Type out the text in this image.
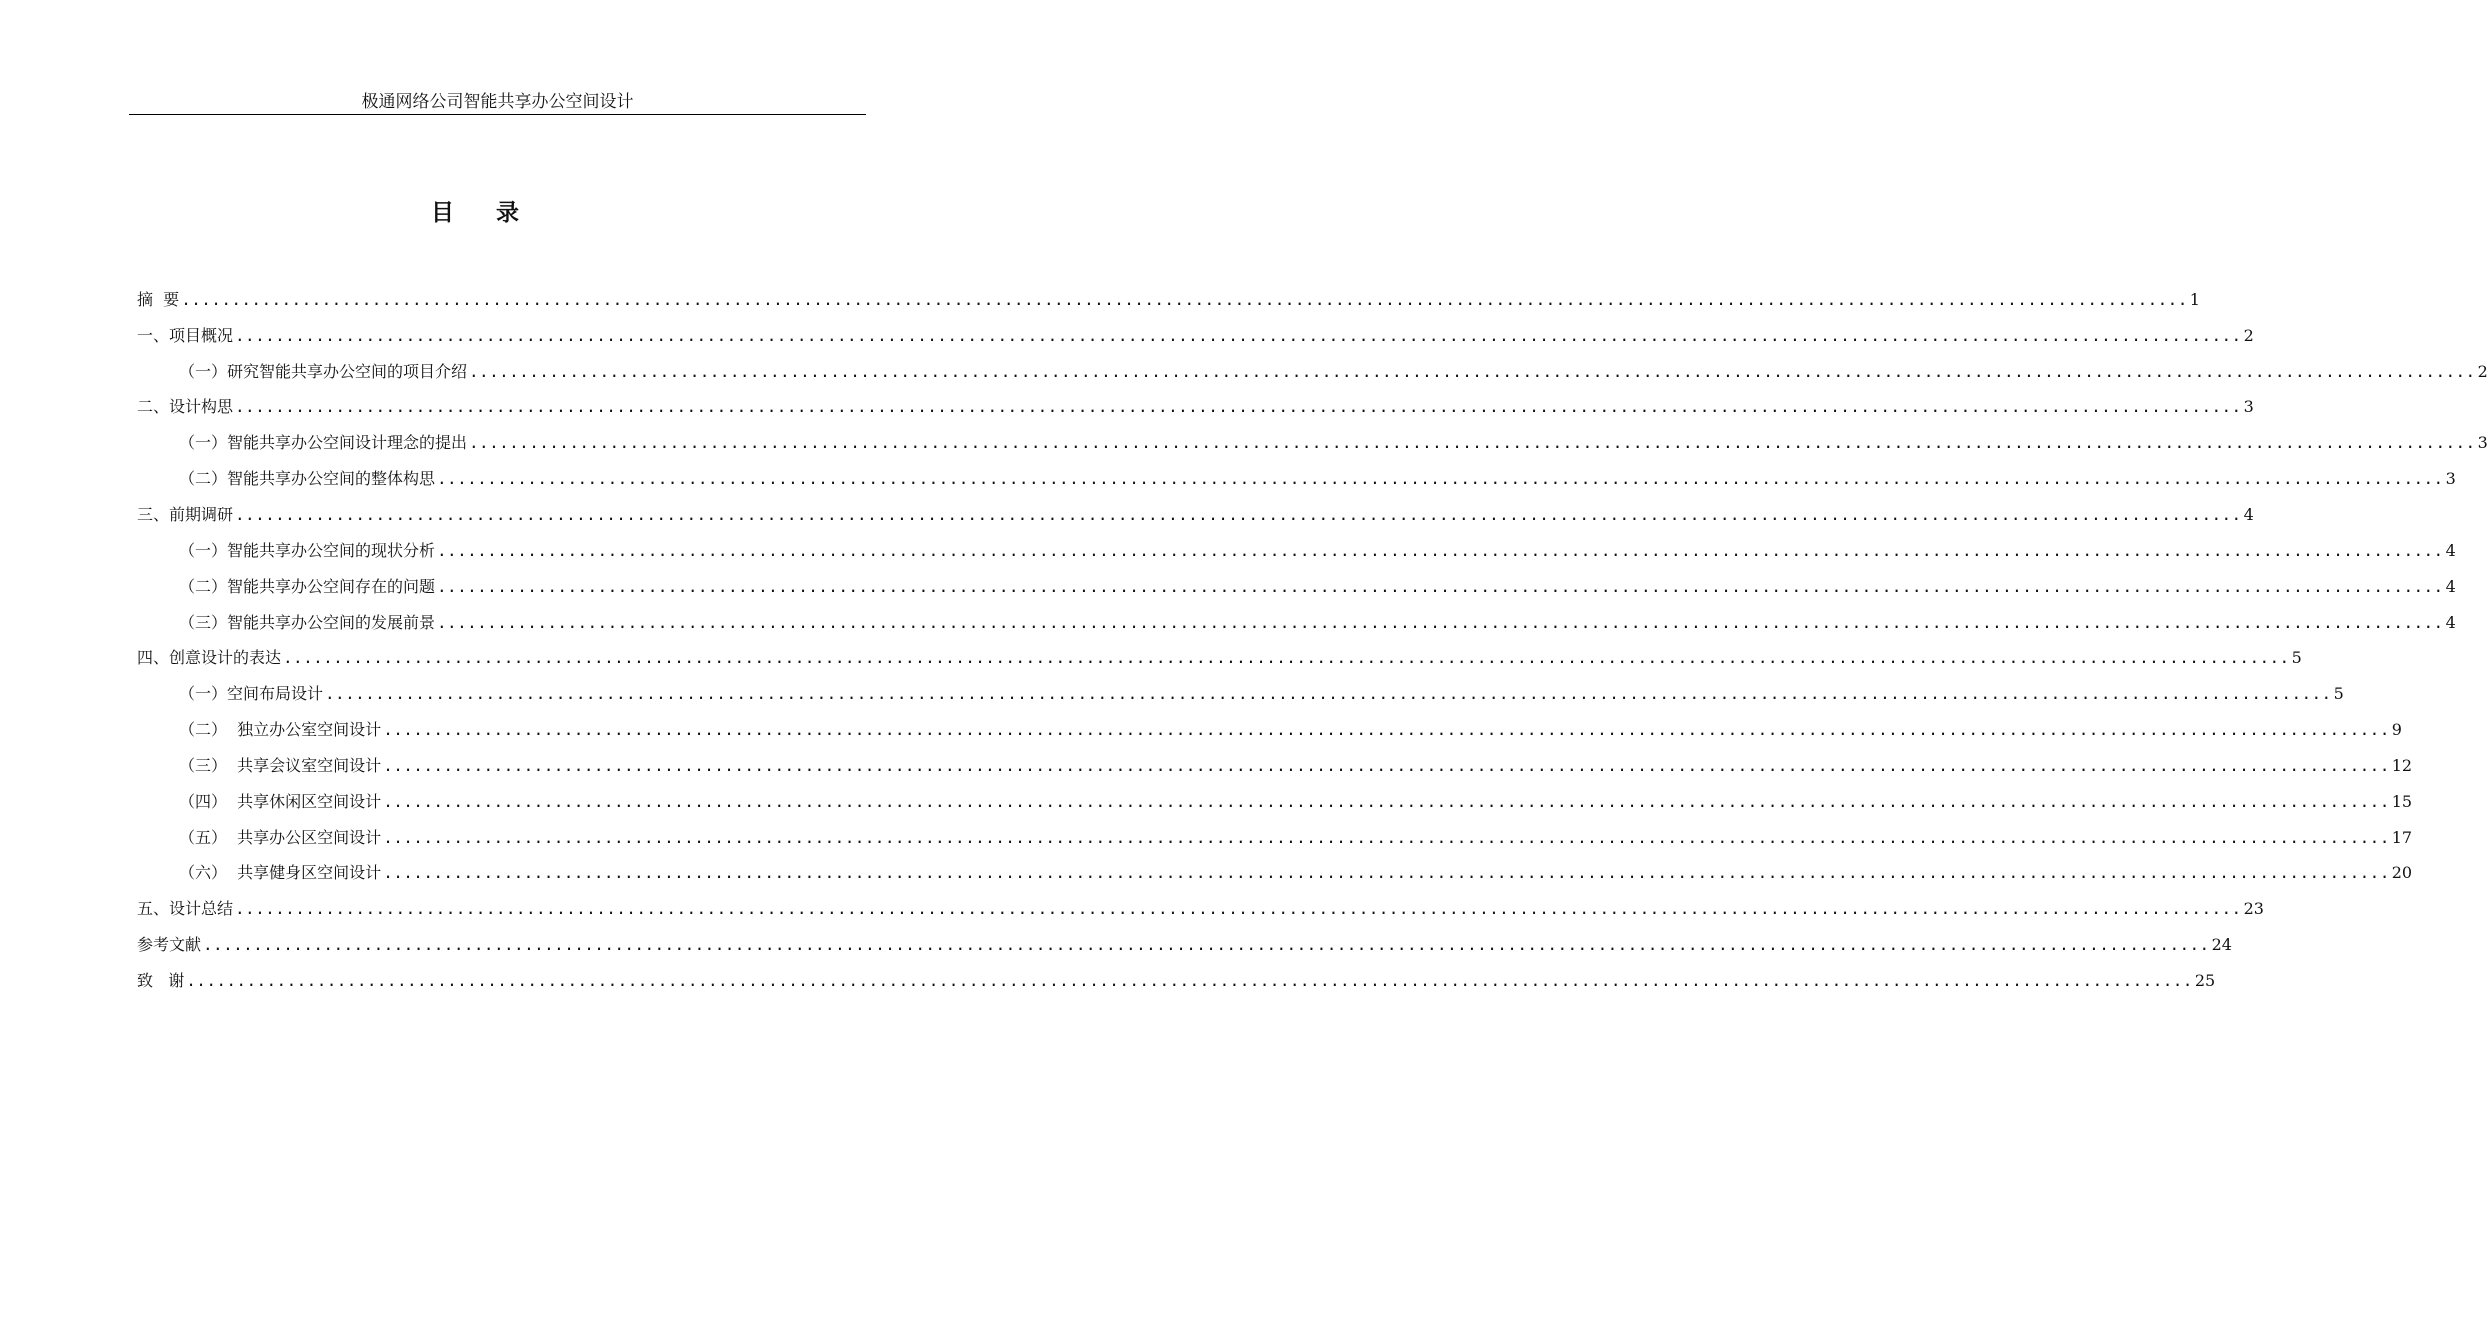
极通网络公司智能共享办公空间设计
目 录
摘  要 ........................................................................................................................................................................................................ 1
一、项目概况 ........................................................................................................................................................................................................ 2
（一）研究智能共享办公空间的项目介绍 ........................................................................................................................................................................................................ 2
二、设计构思 ........................................................................................................................................................................................................ 3
（一）智能共享办公空间设计理念的提出 ........................................................................................................................................................................................................ 3
（二）智能共享办公空间的整体构思 ........................................................................................................................................................................................................ 3
三、前期调研 ........................................................................................................................................................................................................ 4
（一）智能共享办公空间的现状分析 ........................................................................................................................................................................................................ 4
（二）智能共享办公空间存在的问题 ........................................................................................................................................................................................................ 4
（三）智能共享办公空间的发展前景 ........................................................................................................................................................................................................ 4
四、创意设计的表达 ........................................................................................................................................................................................................ 5
（一）空间布局设计 ........................................................................................................................................................................................................ 5
（二）  独立办公室空间设计 ........................................................................................................................................................................................................ 9
（三）  共享会议室空间设计 ........................................................................................................................................................................................................ 12
（四）  共享休闲区空间设计 ........................................................................................................................................................................................................ 15
（五）  共享办公区空间设计 ........................................................................................................................................................................................................ 17
（六）  共享健身区空间设计 ........................................................................................................................................................................................................ 20
五、设计总结 ........................................................................................................................................................................................................ 23
参考文献 ........................................................................................................................................................................................................ 24
致   谢 ........................................................................................................................................................................................................ 25
